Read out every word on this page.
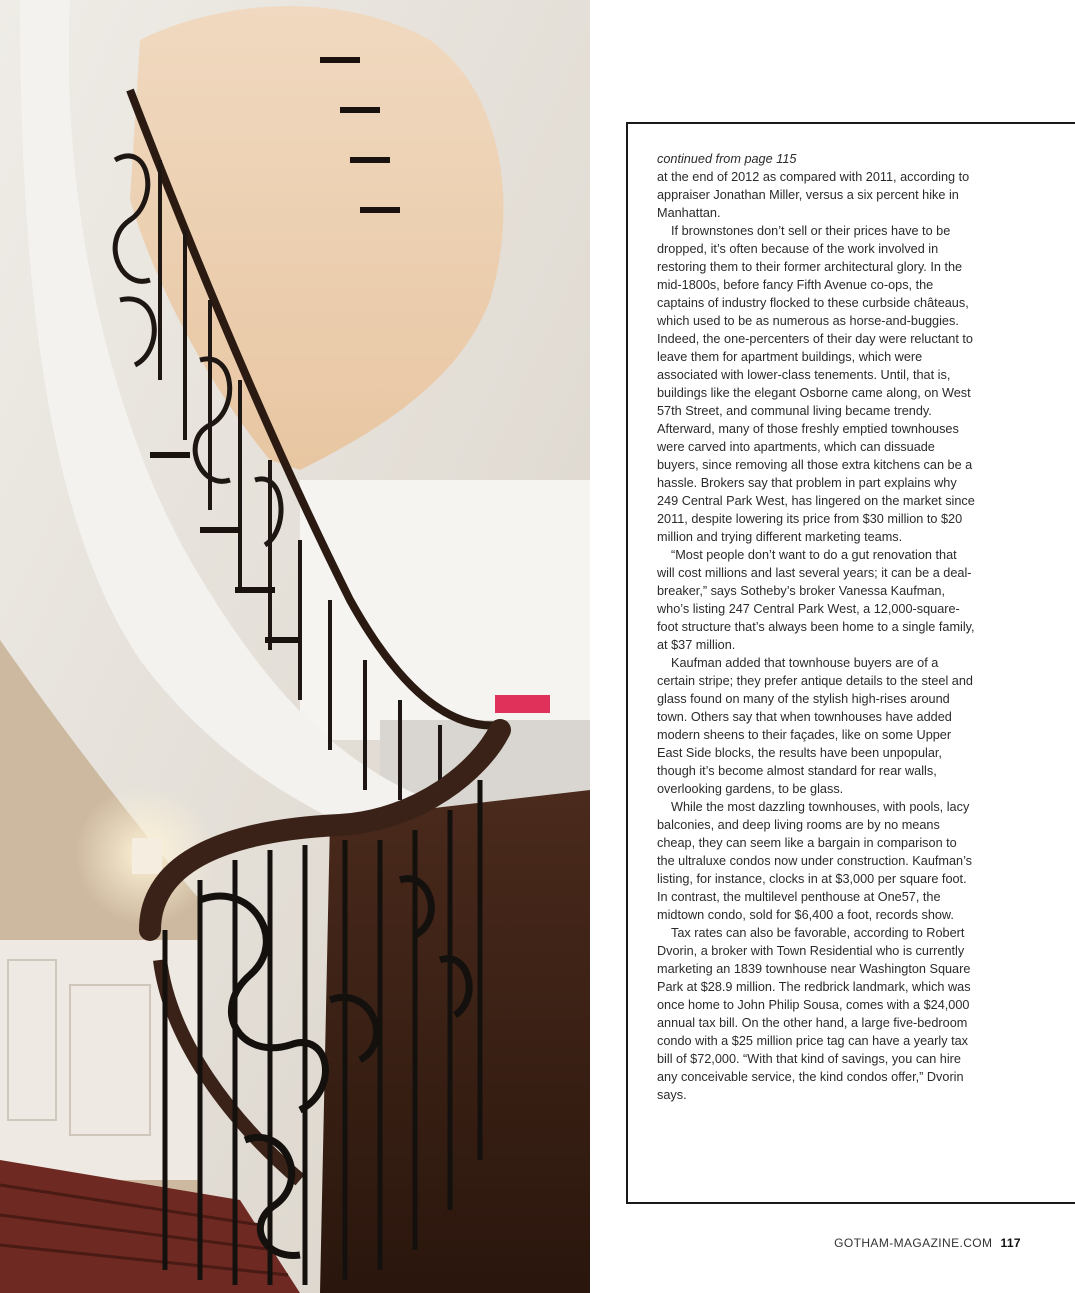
continued from page 115

at the end of 2012 as compared with 2011, according to appraiser Jonathan Miller, versus a six percent hike in Manhattan.

If brownstones don’t sell or their prices have to be dropped, it’s often because of the work involved in restoring them to their former architectural glory. In the mid-1800s, before fancy Fifth Avenue co-ops, the captains of industry flocked to these curbside châteaus, which used to be as numerous as horse-and-buggies. Indeed, the one-percenters of their day were reluctant to leave them for apartment buildings, which were associated with lower-class tenements. Until, that is, buildings like the elegant Osborne came along, on West 57th Street, and communal living became trendy. Afterward, many of those freshly emptied townhouses were carved into apartments, which can dissuade buyers, since removing all those extra kitchens can be a hassle. Brokers say that problem in part explains why 249 Central Park West, has lingered on the market since 2011, despite lowering its price from $30 million to $20 million and trying different marketing teams.

“Most people don’t want to do a gut renovation that will cost millions and last several years; it can be a deal-breaker,” says Sotheby’s broker Vanessa Kaufman, who’s listing 247 Central Park West, a 12,000-square-foot structure that’s always been home to a single family, at $37 million.

Kaufman added that townhouse buyers are of a certain stripe; they prefer antique details to the steel and glass found on many of the stylish high-rises around town. Others say that when townhouses have added modern sheens to their façades, like on some Upper East Side blocks, the results have been unpopular, though it’s become almost standard for rear walls, overlooking gardens, to be glass.

While the most dazzling townhouses, with pools, lacy balconies, and deep living rooms are by no means cheap, they can seem like a bargain in comparison to the ultraluxe condos now under construction. Kaufman’s listing, for instance, clocks in at $3,000 per square foot. In contrast, the multilevel penthouse at One57, the midtown condo, sold for $6,400 a foot, records show.

Tax rates can also be favorable, according to Robert Dvorin, a broker with Town Residential who is currently marketing an 1839 townhouse near Washington Square Park at $28.9 million. The redbrick landmark, which was once home to John Philip Sousa, comes with a $24,000 annual tax bill. On the other hand, a large five-bedroom condo with a $25 million price tag can have a yearly tax bill of $72,000. “With that kind of savings, you can hire any conceivable service, the kind condos offer,” Dvorin says.

GOTHAM-MAGAZINE.COM 117
